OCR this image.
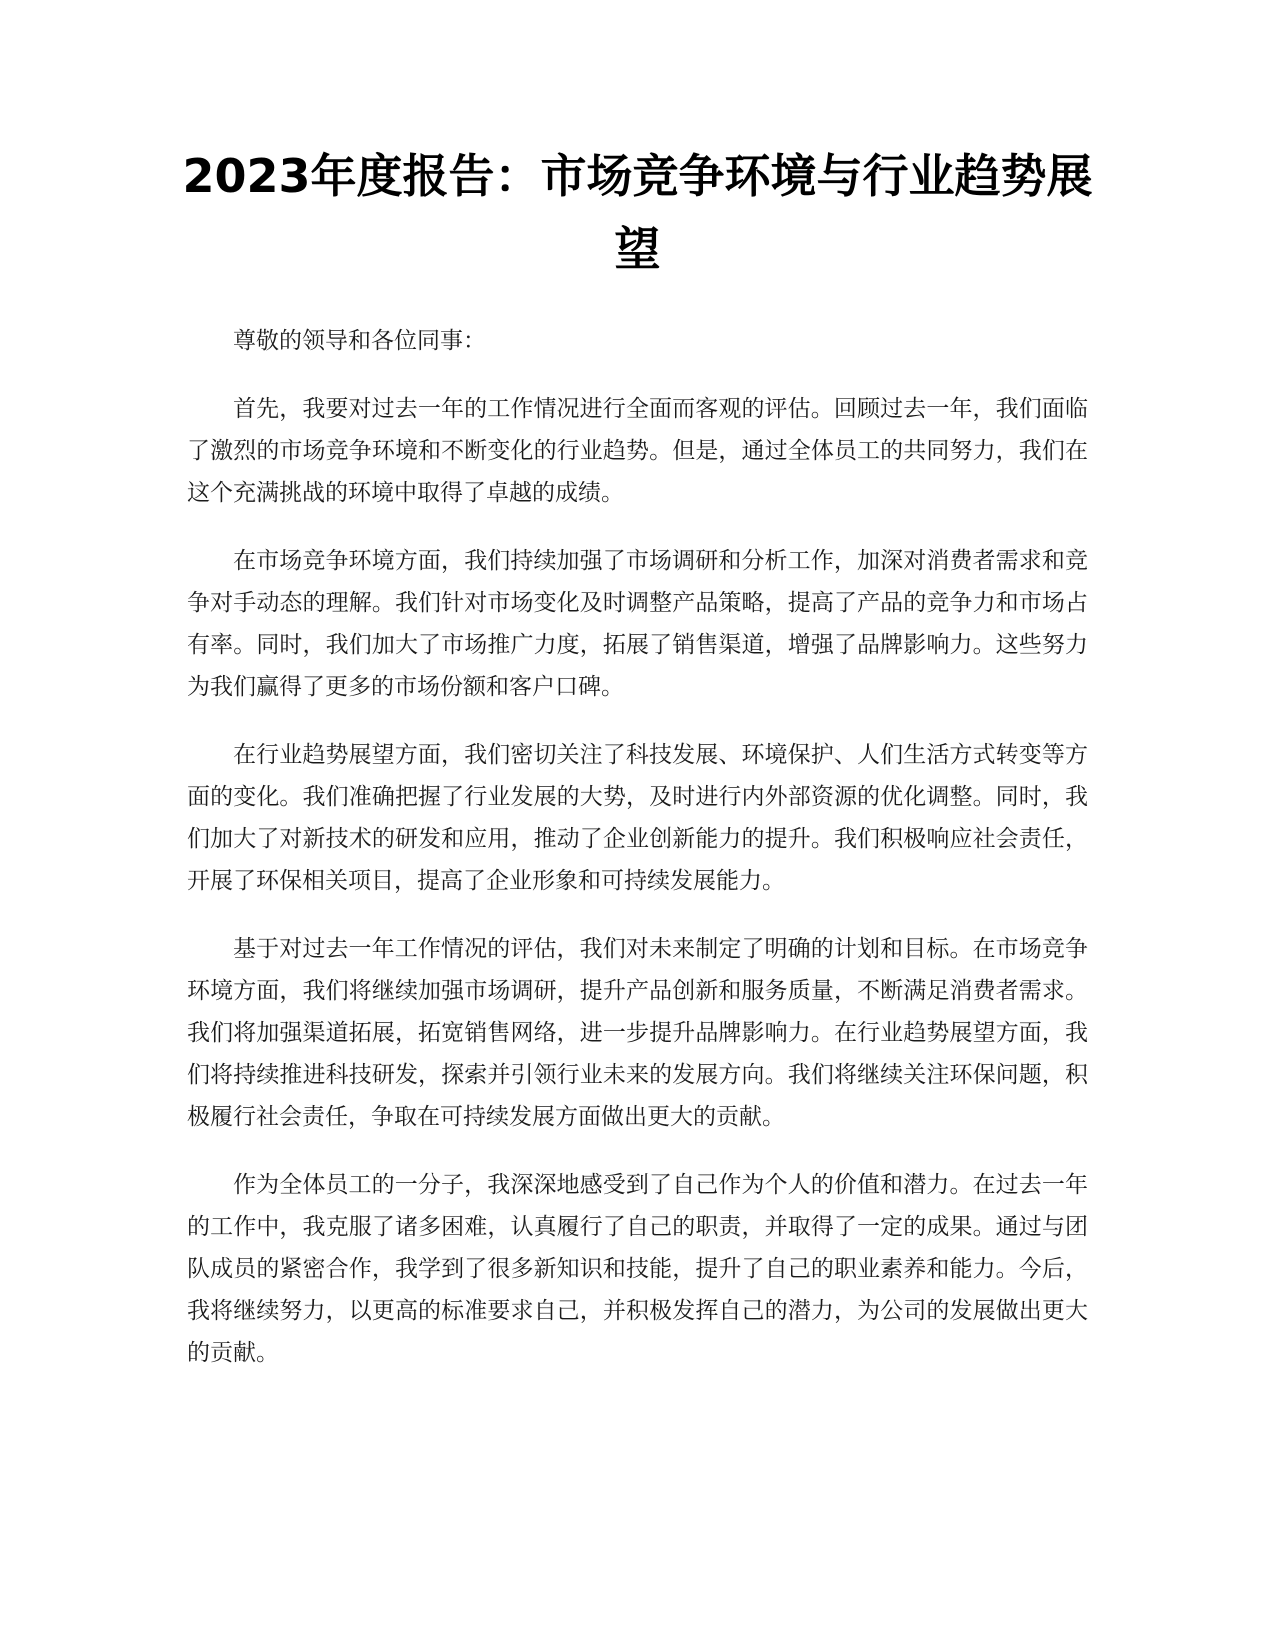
2023年度报告：市场竞争环境与行业趋势展望

尊敬的领导和各位同事：

首先，我要对过去一年的工作情况进行全面而客观的评估。回顾过去一年，我们面临了激烈的市场竞争环境和不断变化的行业趋势。但是，通过全体员工的共同努力，我们在这个充满挑战的环境中取得了卓越的成绩。

在市场竞争环境方面，我们持续加强了市场调研和分析工作，加深对消费者需求和竞争对手动态的理解。我们针对市场变化及时调整产品策略，提高了产品的竞争力和市场占有率。同时，我们加大了市场推广力度，拓展了销售渠道，增强了品牌影响力。这些努力为我们赢得了更多的市场份额和客户口碑。

在行业趋势展望方面，我们密切关注了科技发展、环境保护、人们生活方式转变等方面的变化。我们准确把握了行业发展的大势，及时进行内外部资源的优化调整。同时，我们加大了对新技术的研发和应用，推动了企业创新能力的提升。我们积极响应社会责任，开展了环保相关项目，提高了企业形象和可持续发展能力。

基于对过去一年工作情况的评估，我们对未来制定了明确的计划和目标。在市场竞争环境方面，我们将继续加强市场调研，提升产品创新和服务质量，不断满足消费者需求。我们将加强渠道拓展，拓宽销售网络，进一步提升品牌影响力。在行业趋势展望方面，我们将持续推进科技研发，探索并引领行业未来的发展方向。我们将继续关注环保问题，积极履行社会责任，争取在可持续发展方面做出更大的贡献。

作为全体员工的一分子，我深深地感受到了自己作为个人的价值和潜力。在过去一年的工作中，我克服了诸多困难，认真履行了自己的职责，并取得了一定的成果。通过与团队成员的紧密合作，我学到了很多新知识和技能，提升了自己的职业素养和能力。今后，我将继续努力，以更高的标准要求自己，并积极发挥自己的潜力，为公司的发展做出更大的贡献。
